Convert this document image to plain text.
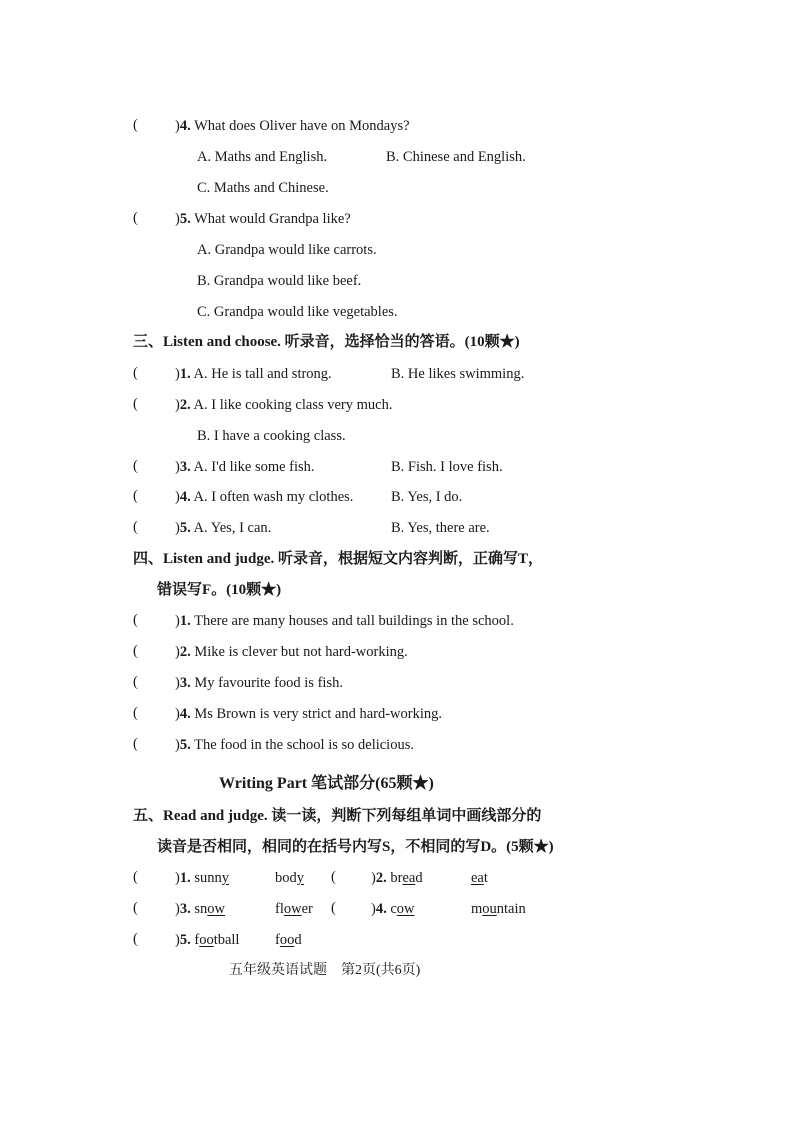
(	)4. What does Oliver have on Mondays?
A. Maths and English.	B. Chinese and English.
C. Maths and Chinese.
(	)5. What would Grandpa like?
A. Grandpa would like carrots.
B. Grandpa would like beef.
C. Grandpa would like vegetables.
三、Listen and choose. 听录音，选择恰当的答语。(10颗★)
(	)1. A. He is tall and strong.	B. He likes swimming.
(	)2. A. I like cooking class very much.
B. I have a cooking class.
(	)3. A. I'd like some fish.	B. Fish. I love fish.
(	)4. A. I often wash my clothes.	B. Yes, I do.
(	)5. A. Yes, I can.	B. Yes, there are.
四、Listen and judge. 听录音，根据短文内容判断，正确写T，
错误写F。(10颗★)
(	)1. There are many houses and tall buildings in the school.
(	)2. Mike is clever but not hard-working.
(	)3. My favourite food is fish.
(	)4. Ms Brown is very strict and hard-working.
(	)5. The food in the school is so delicious.
Writing Part 笔试部分(65颗★)
五、Read and judge. 读一读，判断下列每组单词中画线部分的
读音是否相同，相同的在括号内写S，不相同的写D。(5颗★)
(	)1. sunny	body ( )2. bread	eat
(	)3. snow	flower ( )4. cow	mountain
(	)5. football food
五年级英语试题　第2页(共6页)
